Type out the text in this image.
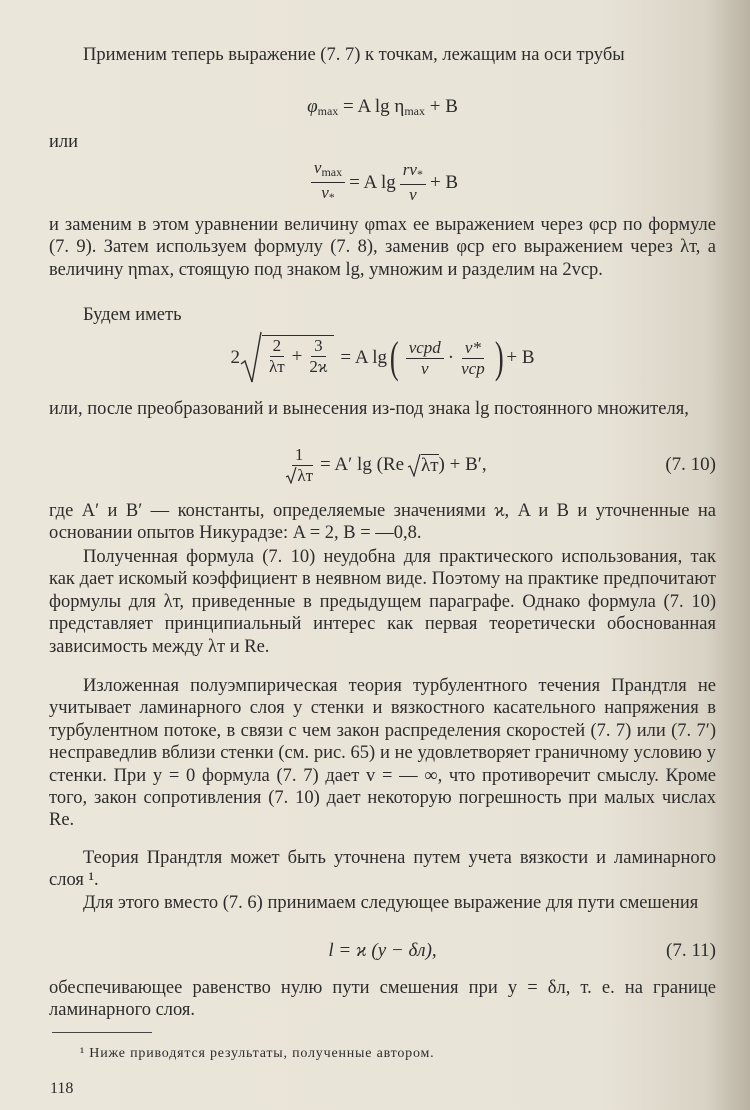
Применим теперь выражение (7. 7) к точкам, лежащим на оси трубы

$\varphi_{max} = A$ $\lg \eta_{max} + B$

или

$\frac{v_{max}}{v_*} = A$ $\lg \frac{rv_*}{\nu} + B$

и заменим в этом уравнении величину φmax ее выражением через φср по формуле (7. 9). Затем используем формулу (7. 8), заменив φср его выражением через λт, а величину ηmax, стоящую под знаком lg, умножим и разделим на 2vср.

Будем иметь

$2 \frac{2}{\lambda т} + \frac{3}{2ϰ} = A$ lg ( $\frac{\text{vсрd}}{\nu} \cdot \frac{v*}{\text{vср}}$ ) + B

или, после преобразований и вынесения из-под знака lg постоянного множителя,

$\frac{1}{\lambda т} = A'$ lg (Re λт ) + B′,	(7. 10)

где A′ и B′ — константы, определяемые значениями ϰ, A и B и уточненные на основании опытов Никурадзе: A = 2, B = —0,8.

Полученная формула (7. 10) неудобна для практического использования, так как дает искомый коэффициент в неявном виде. Поэтому на практике предпочитают формулы для λт, приведенные в предыдущем параграфе. Однако формула (7. 10) представляет принципиальный интерес как первая теоретически обоснованная зависимость между λт и Re.

Изложенная полуэмпирическая теория турбулентного течения Прандтля не учитывает ламинарного слоя у стенки и вязкостного касательного напряжения в турбулентном потоке, в связи с чем закон распределения скоростей (7. 7) или (7. 7′) несправедлив вблизи стенки (см. рис. 65) и не удовлетворяет граничному условию у стенки. При y = 0 формула (7. 7) дает v = — ∞, что противоречит смыслу. Кроме того, закон сопротивления (7. 10) дает некоторую погрешность при малых числах Re.

Теория Прандтля может быть уточнена путем учета вязкости и ламинарного слоя ¹.

Для этого вместо (7. 6) принимаем следующее выражение для пути смешения

l = ϰ (y − δл),	(7. 11)

обеспечивающее равенство нулю пути смешения при y = δл, т. е. на границе ламинарного слоя.

¹ Ниже приводятся результаты, полученные автором.
118
